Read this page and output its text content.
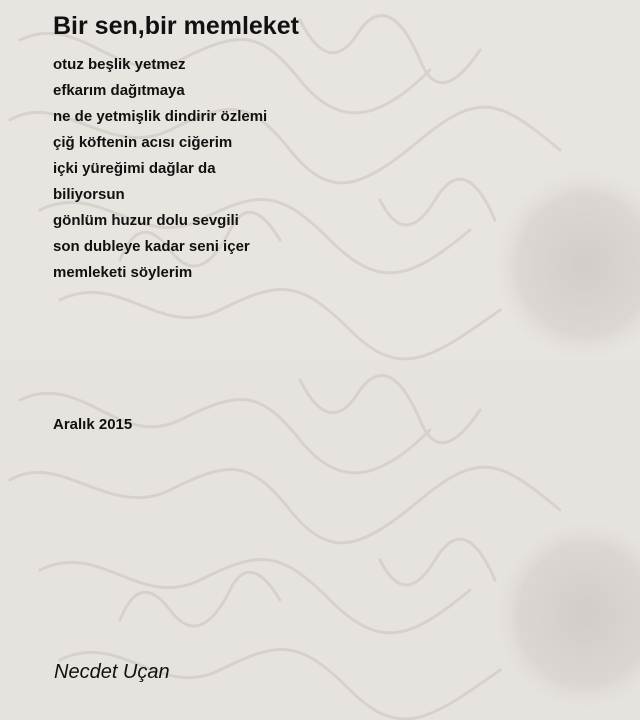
Bir sen,bir memleket
otuz beşlik yetmez
efkarım dağıtmaya
ne de yetmişlik dindirir özlemi
çiğ köftenin acısı ciğerim
içki yüreğimi dağlar da
biliyorsun
gönlüm huzur dolu sevgili
son dubleye kadar seni içer
memleketi söylerim
Aralık 2015
Necdet Uçan
